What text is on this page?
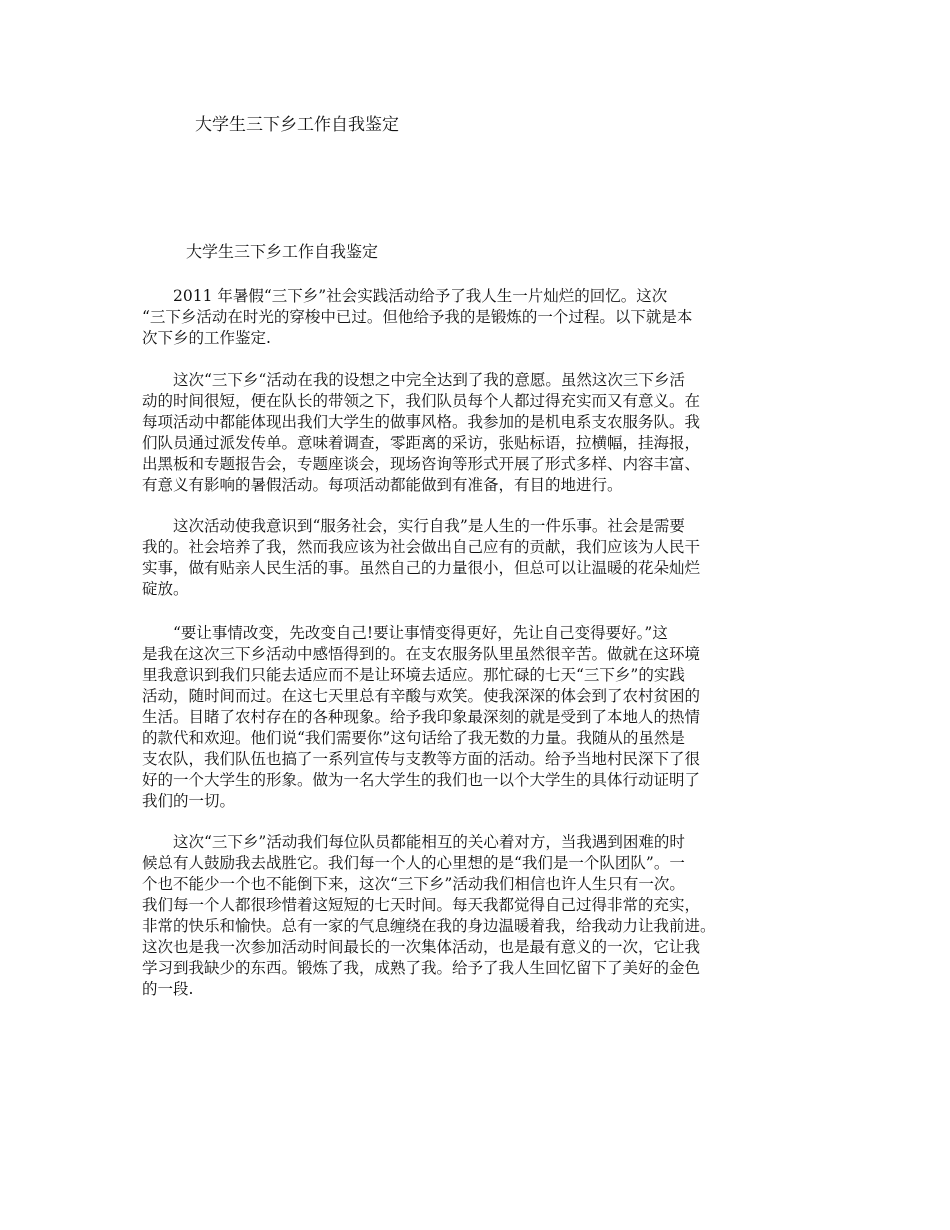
大学生三下乡工作自我鉴定
大学生三下乡工作自我鉴定
　　2011 年暑假“三下乡”社会实践活动给予了我人生一片灿烂的回忆。这次
“三下乡活动在时光的穿梭中已过。但他给予我的是锻炼的一个过程。以下就是本
次下乡的工作鉴定.
　　这次“三下乡“活动在我的设想之中完全达到了我的意愿。虽然这次三下乡活
动的时间很短，便在队长的带领之下，我们队员每个人都过得充实而又有意义。在
每项活动中都能体现出我们大学生的做事风格。我参加的是机电系支农服务队。我
们队员通过派发传单。意味着调查，零距离的采访，张贴标语，拉横幅，挂海报，
出黑板和专题报告会，专题座谈会，现场咨询等形式开展了形式多样、内容丰富、
有意义有影响的暑假活动。每项活动都能做到有准备，有目的地进行。
　　这次活动使我意识到“服务社会，实行自我”是人生的一件乐事。社会是需要
我的。社会培养了我，然而我应该为社会做出自己应有的贡献，我们应该为人民干
实事，做有贴亲人民生活的事。虽然自己的力量很小，但总可以让温暖的花朵灿烂
碇放。
　　“要让事情改变，先改变自己!要让事情变得更好，先让自己变得要好。”这
是我在这次三下乡活动中感悟得到的。在支农服务队里虽然很辛苦。做就在这环境
里我意识到我们只能去适应而不是让环境去适应。那忙碌的七天“三下乡”的实践
活动，随时间而过。在这七天里总有辛酸与欢笑。使我深深的体会到了农村贫困的
生活。目睹了农村存在的各种现象。给予我印象最深刻的就是受到了本地人的热情
的款代和欢迎。他们说“我们需要你”这句话给了我无数的力量。我随从的虽然是
支农队，我们队伍也搞了一系列宣传与支教等方面的活动。给予当地村民深下了很
好的一个大学生的形象。做为一名大学生的我们也一以个大学生的具体行动证明了
我们的一切。
　　这次“三下乡”活动我们每位队员都能相互的关心着对方，当我遇到困难的时
候总有人鼓励我去战胜它。我们每一个人的心里想的是“我们是一个队团队”。一
个也不能少一个也不能倒下来，这次“三下乡”活动我们相信也许人生只有一次。
我们每一个人都很珍惜着这短短的七天时间。每天我都觉得自己过得非常的充实，
非常的快乐和愉快。总有一家的气息缠绕在我的身边温暖着我，给我动力让我前进。
这次也是我一次参加活动时间最长的一次集体活动，也是最有意义的一次，它让我
学习到我缺少的东西。锻炼了我，成熟了我。给予了我人生回忆留下了美好的金色
的一段.
